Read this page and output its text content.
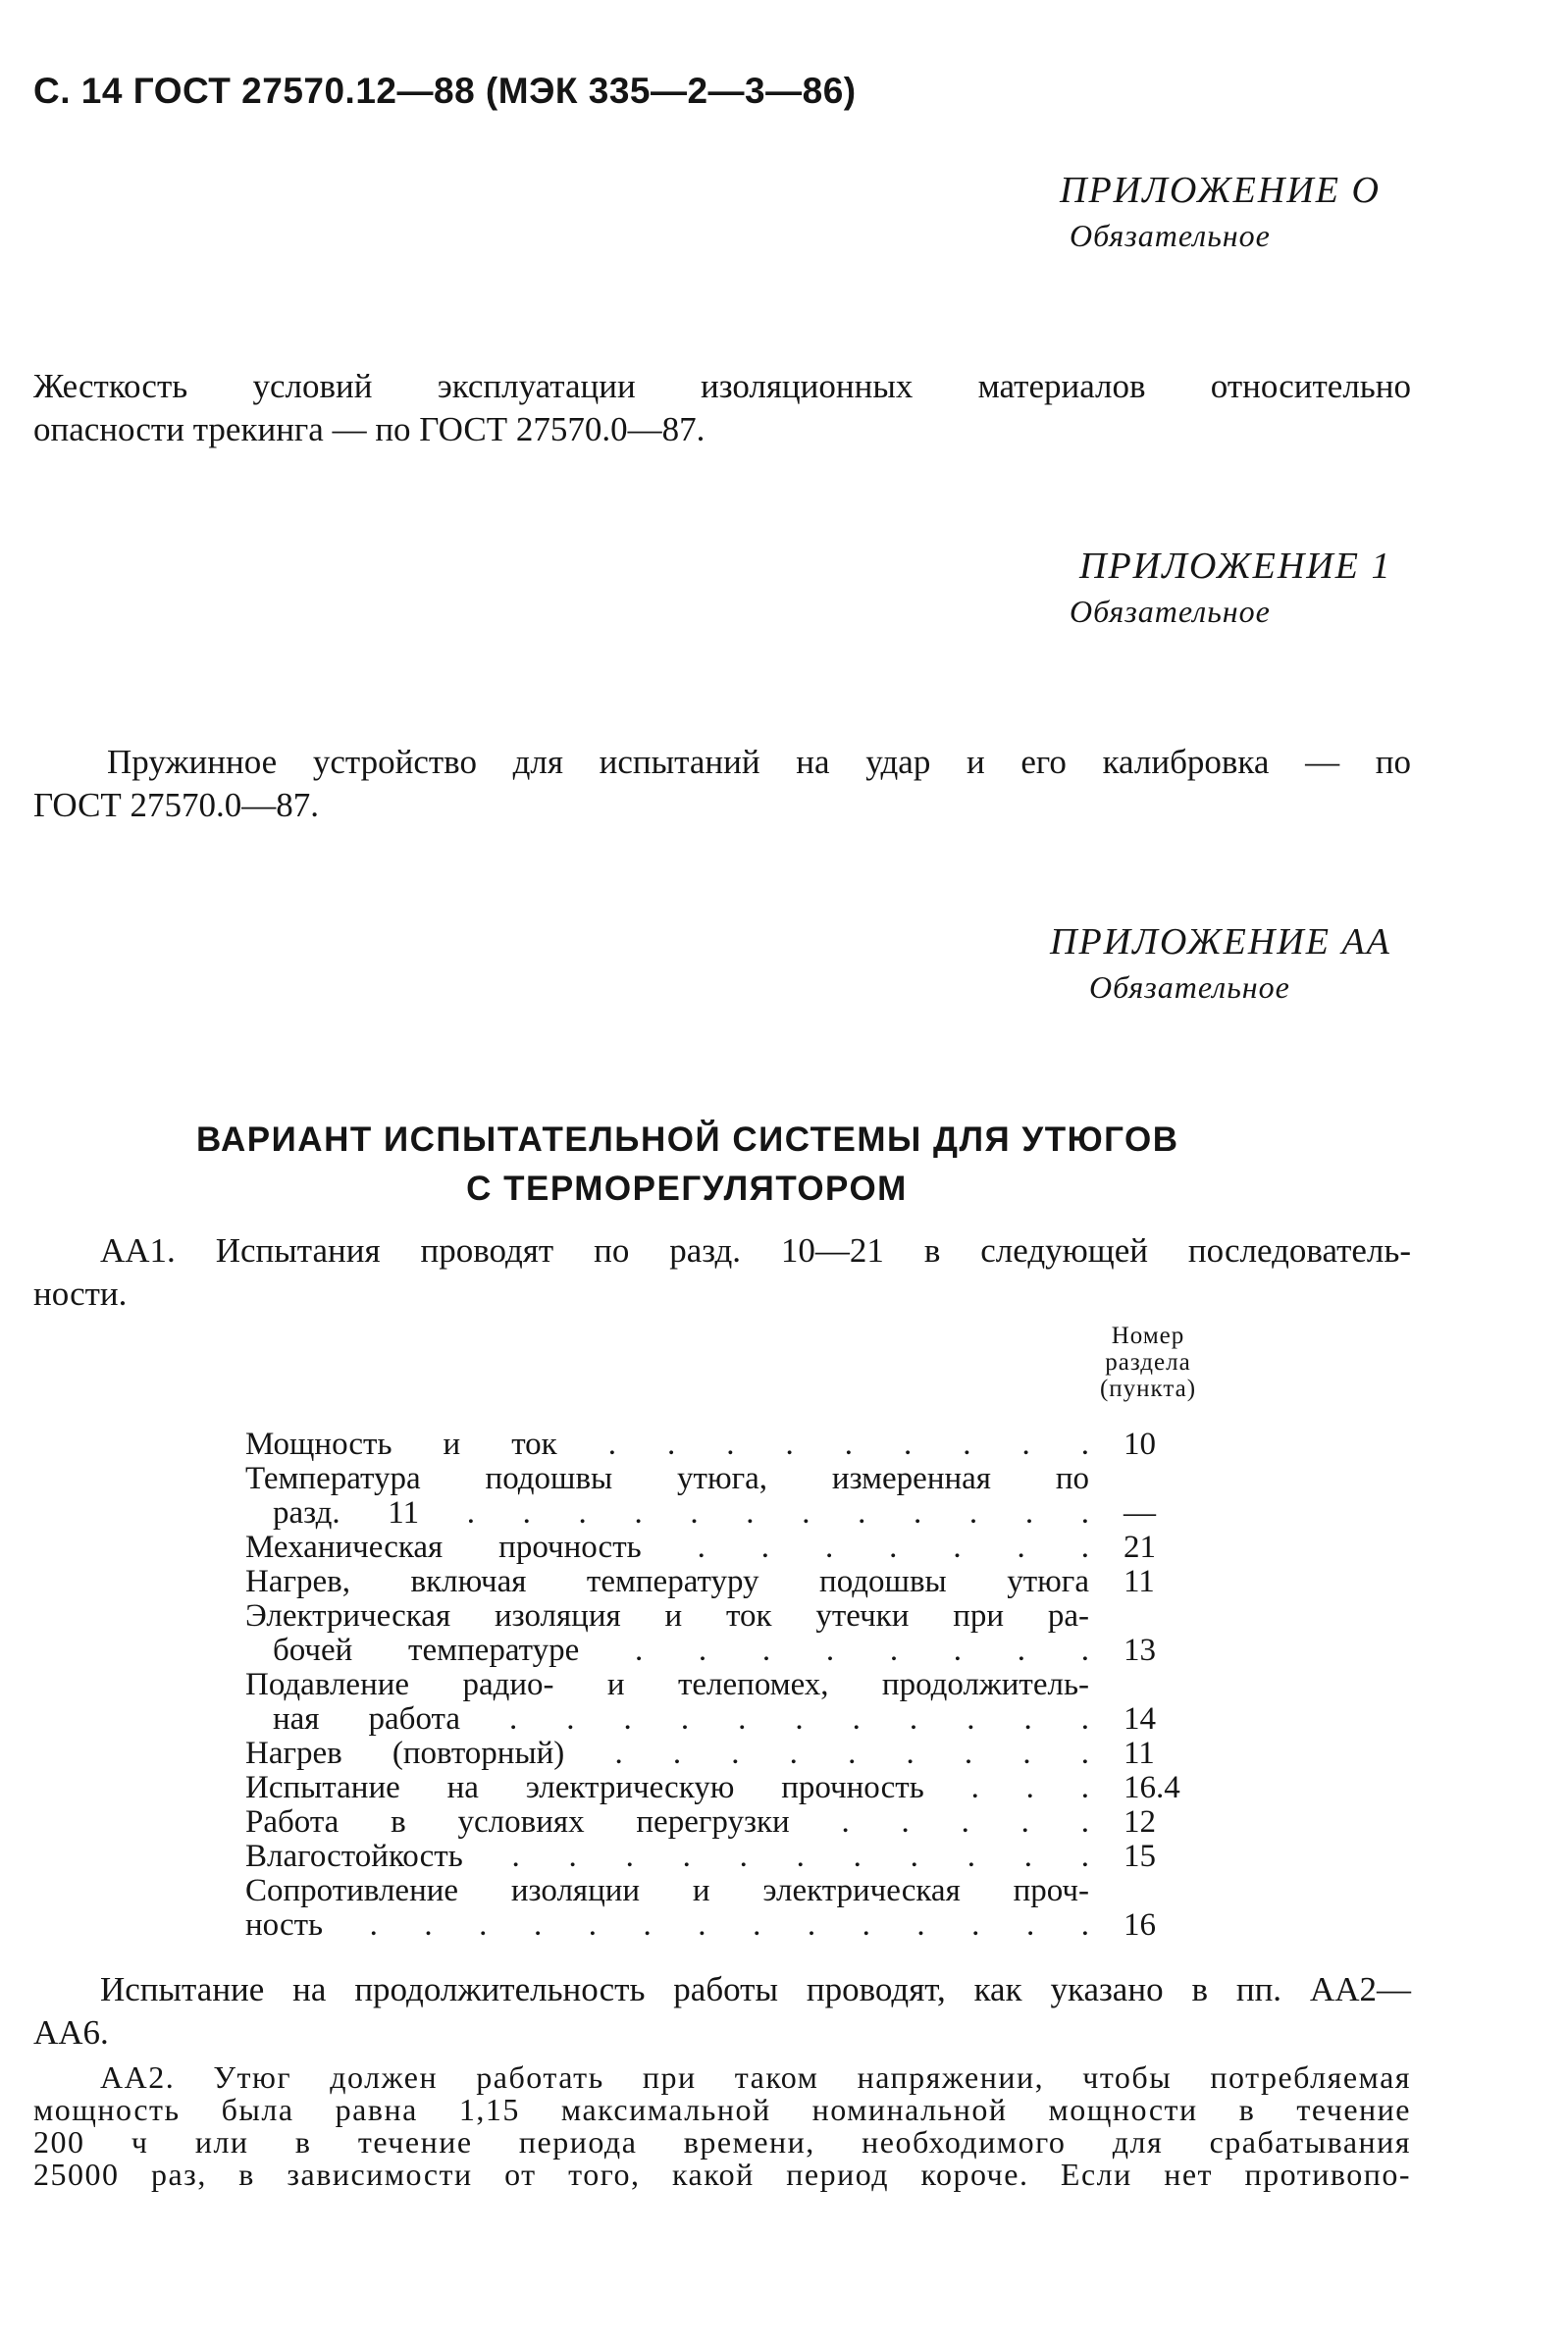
С. 14 ГОСТ 27570.12—88 (МЭК 335—2—3—86)
ПРИЛОЖЕНИЕ О
Обязательное
Жесткость условий эксплуатации изоляционных материалов относительно
опасности трекинга — по ГОСТ 27570.0—87.
ПРИЛОЖЕНИЕ 1
Обязательное
Пружинное устройство для испытаний на удар и его калибровка — по
ГОСТ 27570.0—87.
ПРИЛОЖЕНИЕ АА
Обязательное
ВАРИАНТ ИСПЫТАТЕЛЬНОЙ СИСТЕМЫ ДЛЯ УТЮГОВ
С ТЕРМОРЕГУЛЯТОРОМ
АА1. Испытания проводят по разд. 10—21 в следующей последователь-
ности.
Номер
раздела
(пункта)
Мощность и ток . . . . . . . . . 10
Температура подошвы утюга, измеренная по
разд. 11 . . . . . . . . . . . . —
Механическая прочность . . . . . . . 21
Нагрев, включая температуру подошвы утюга 11
Электрическая изоляция и ток утечки при ра-
бочей температуре . . . . . . . . 13
Подавление радио- и телепомех, продолжитель-
ная работа . . . . . . . . . . . 14
Нагрев (повторный) . . . . . . . . . 11
Испытание на электрическую прочность . . . 16.4
Работа в условиях перегрузки . . . . . 12
Влагостойкость . . . . . . . . . . . 15
Сопротивление изоляции и электрическая проч-
ность . . . . . . . . . . . . . . 16
Испытание на продолжительность работы проводят, как указано в пп. АА2—
АА6.
АА2. Утюг должен работать при таком напряжении, чтобы потребляемая
мощность была равна 1,15 максимальной номинальной мощности в течение
200 ч или в течение периода времени, необходимого для срабатывания
25000 раз, в зависимости от того, какой период короче. Если нет противопо-
